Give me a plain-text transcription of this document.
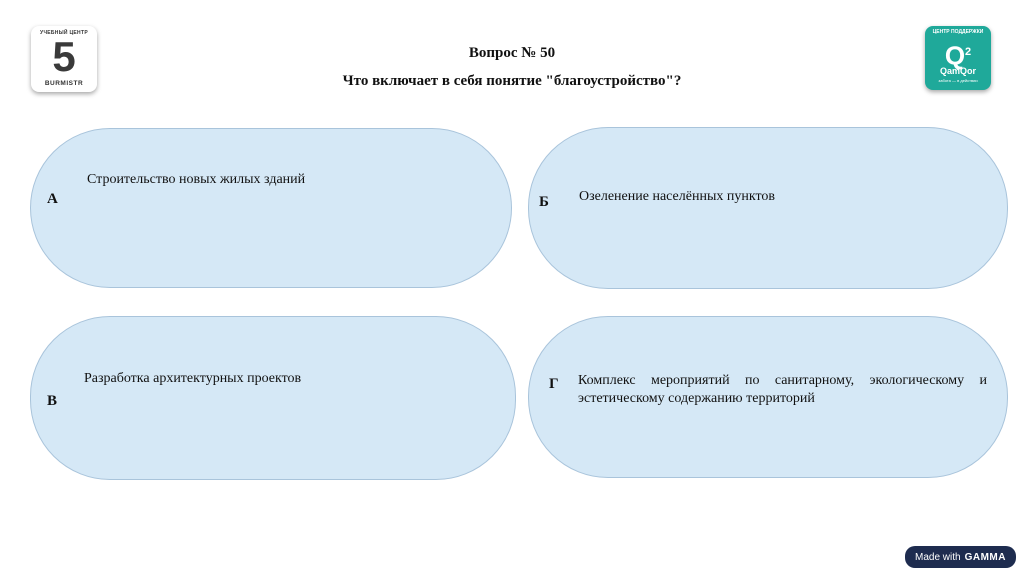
УЧЕБНЫЙ ЦЕНТР
5
BURMISTR
ЦЕНТР ПОДДЕРЖКИ
$Q^2$
QamQor
забота — в действии
Вопрос № 50
Что включает в себя понятие "благоустройство"?
А
Строительство новых жилых зданий
Б Озеленение населённых пунктов
В
Разработка архитектурных проектов	Г Комплекс мероприятий по санитарному, экологическому и эстетическому содержанию территорий
Made with GAMMA
